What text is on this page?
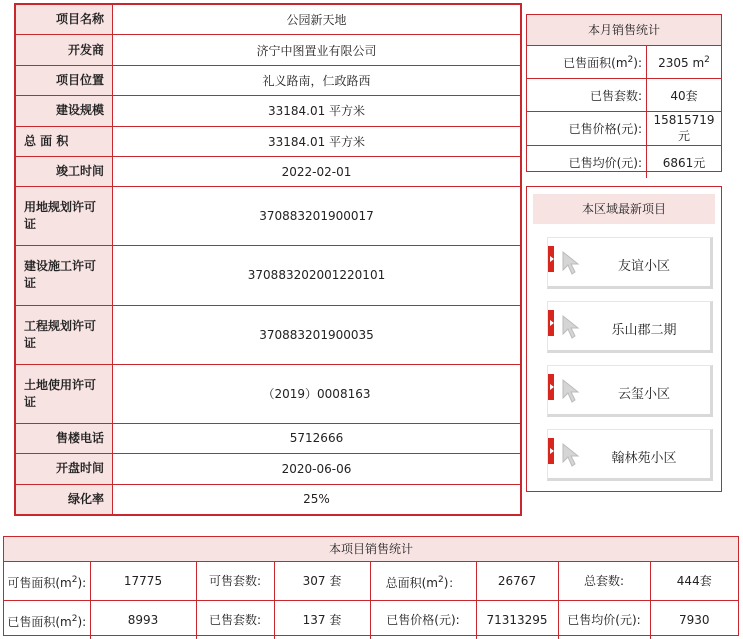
项目名称	公园新天地
开发商	济宁中图置业有限公司
项目位置	礼义路南，仁政路西
建设规模	33184.01 平方米
总 面 积	33184.01 平方米
竣工时间	2022-02-01
用地规划许可证	370883201900017
建设施工许可证	370883202001220101
工程规划许可证	370883201900035
土地使用许可证	（2019）0008163
售楼电话	5712666
开盘时间	2020-06-06
绿化率	25%
本月销售统计
已售面积$(m^2)$:	2305 $m^2$
已售套数:	40套
已售价格(元):	15815719元
已售均价(元):	6861元
本区域最新项目
友谊小区
乐山郡二期
云玺小区
翰林苑小区
本项目销售统计
可售面积$(m^2)$:	17775	可售套数:	307 套	总面积$(m^2)$：	26767	总套数:	444套
已售面积$(m^2)$:	8993	已售套数:	137 套	已售价格(元):	71313295	已售均价(元):	7930
